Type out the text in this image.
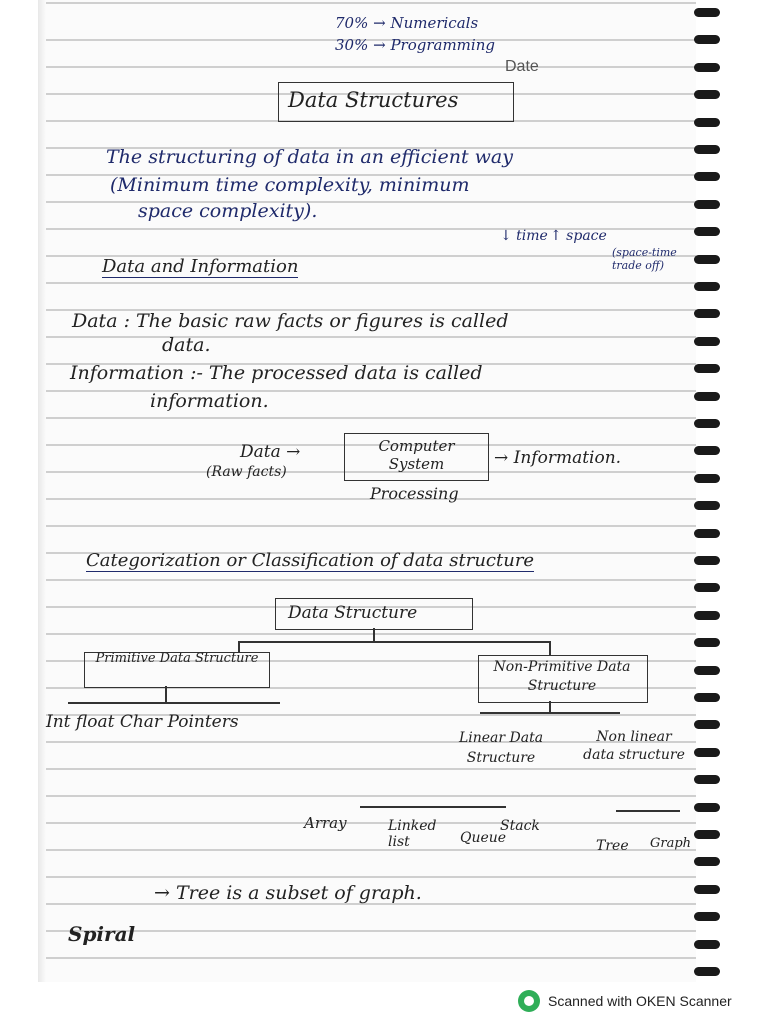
Date
70% → Numericals
30% → Programming
Data Structures
The structuring of data in an efficient way
(Minimum time complexity, minimum
space complexity).
↓ time ↑ space
(space-time trade off)
Data and Information
Data : The basic raw facts or figures is called
data.
Information :- The processed data is called
information.
Data →
(Raw facts)
Computer System
Processing
→ Information.
Categorization or Classification of data structure
Data Structure
Primitive Data Structure
Non-Primitive Data Structure
Int float Char Pointers
Linear Data Structure
Non linear data structure
Array	Linked list	Queue
Stack
Tree Graph
→ Tree is a subset of graph.
Spiral
Scanned with OKEN Scanner
